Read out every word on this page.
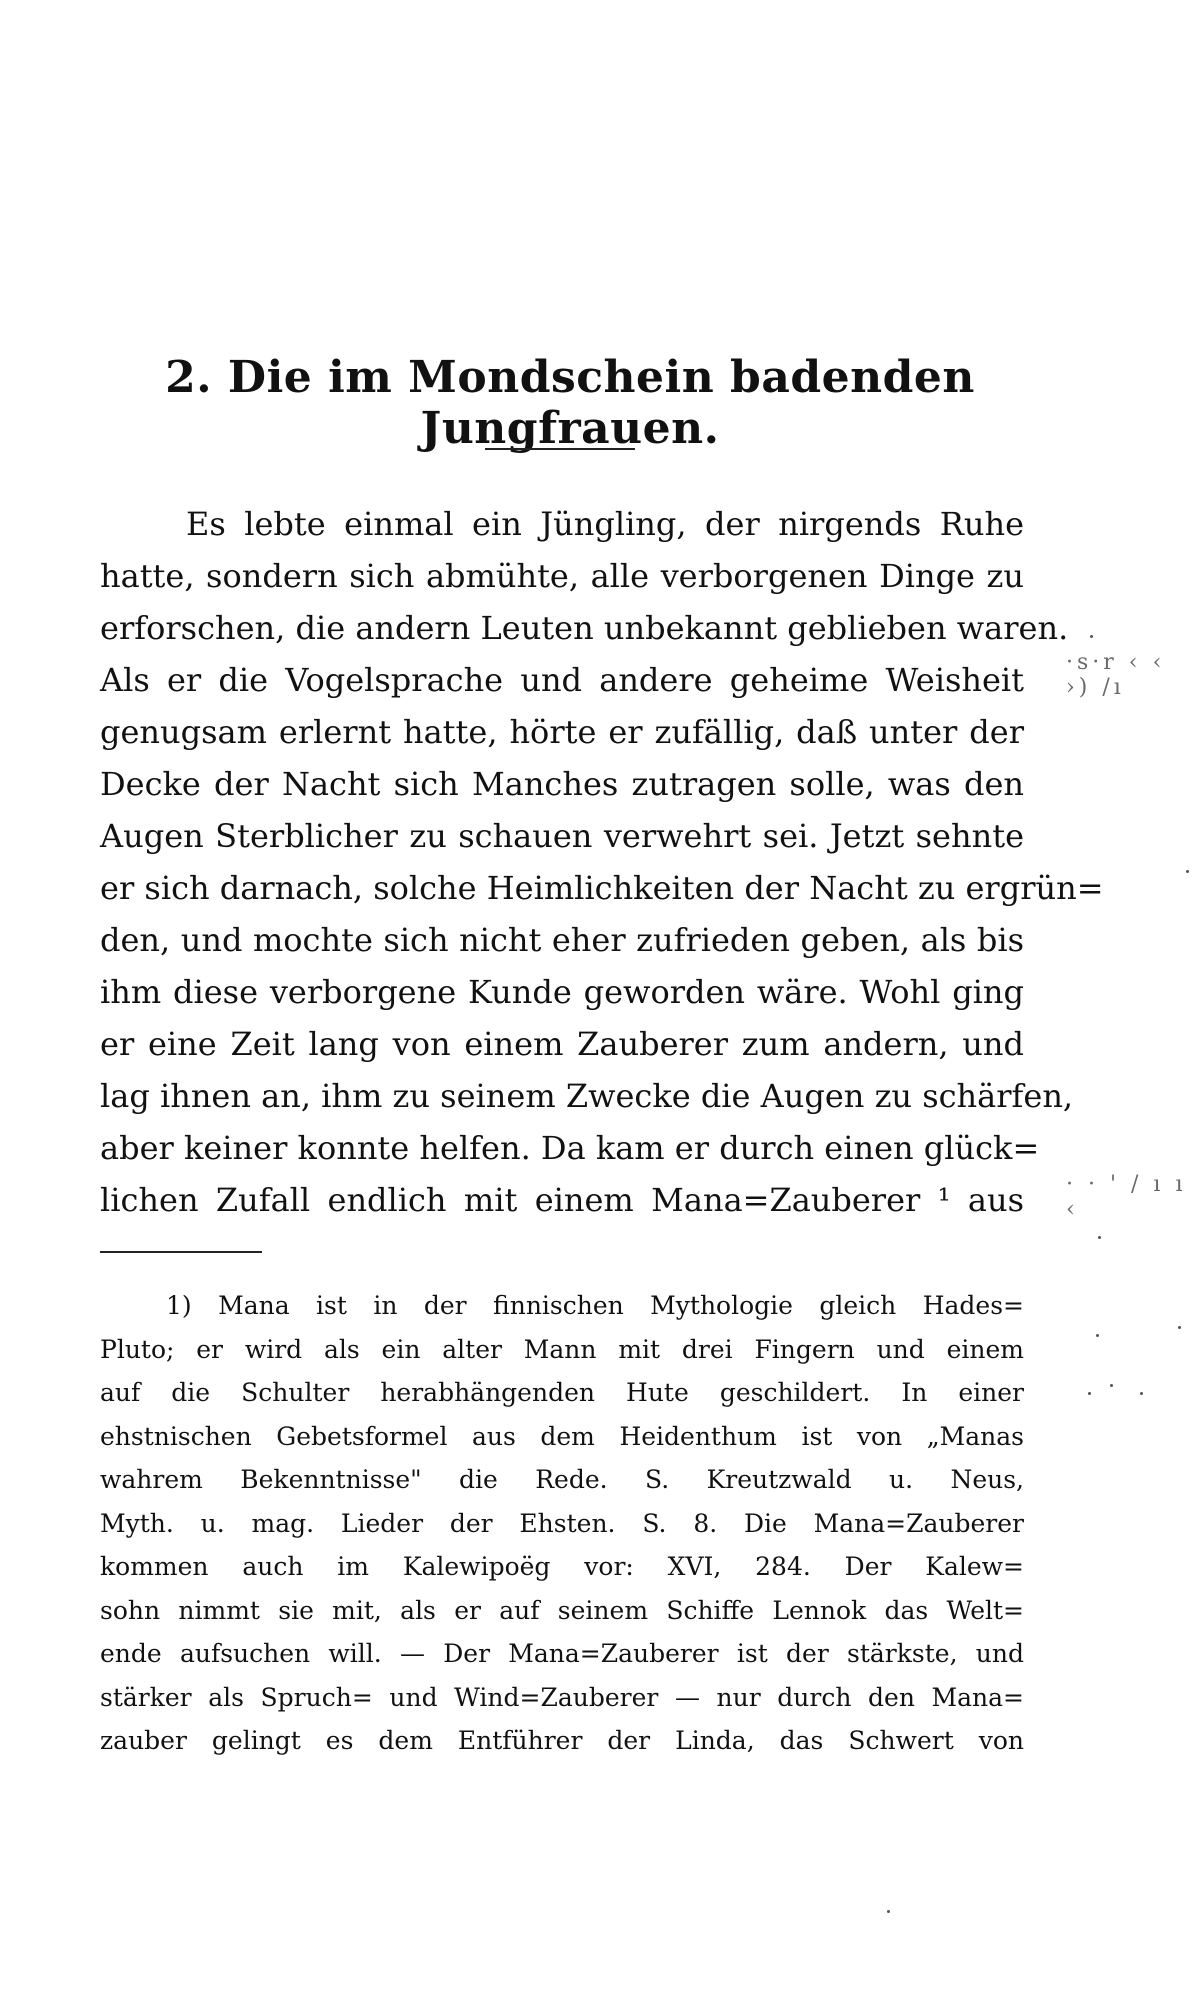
2. Die im Mondschein badenden Jungfrauen.
Es lebte einmal ein Jüngling, der nirgends Ruhe
hatte, sondern sich abmühte, alle verborgenen Dinge zu
erforschen, die andern Leuten unbekannt geblieben waren.
Als er die Vogelsprache und andere geheime Weisheit
genugsam erlernt hatte, hörte er zufällig, daß unter der
Decke der Nacht sich Manches zutragen solle, was den
Augen Sterblicher zu schauen verwehrt sei. Jetzt sehnte
er sich darnach, solche Heimlichkeiten der Nacht zu ergrün=
den, und mochte sich nicht eher zufrieden geben, als bis
ihm diese verborgene Kunde geworden wäre. Wohl ging
er eine Zeit lang von einem Zauberer zum andern, und
lag ihnen an, ihm zu seinem Zwecke die Augen zu schärfen,
aber keiner konnte helfen. Da kam er durch einen glück=
lichen Zufall endlich mit einem Mana=Zauberer ¹ aus
1) Mana ist in der finnischen Mythologie gleich Hades=
Pluto; er wird als ein alter Mann mit drei Fingern und einem
auf die Schulter herabhängenden Hute geschildert. In einer
ehstnischen Gebetsformel aus dem Heidenthum ist von „Manas
wahrem Bekenntnisse" die Rede. S. Kreutzwald u. Neus,
Myth. u. mag. Lieder der Ehsten. S. 8. Die Mana=Zauberer
kommen auch im Kalewipoëg vor: XVI, 284. Der Kalew=
sohn nimmt sie mit, als er auf seinem Schiffe Lennok das Welt=
ende aufsuchen will. — Der Mana=Zauberer ist der stärkste, und
stärker als Spruch= und Wind=Zauberer — nur durch den Mana=
zauber gelingt es dem Entführer der Linda, das Schwert von
·s·r ‹ ‹ ›) /ı
· · ' / ı ı ‹
